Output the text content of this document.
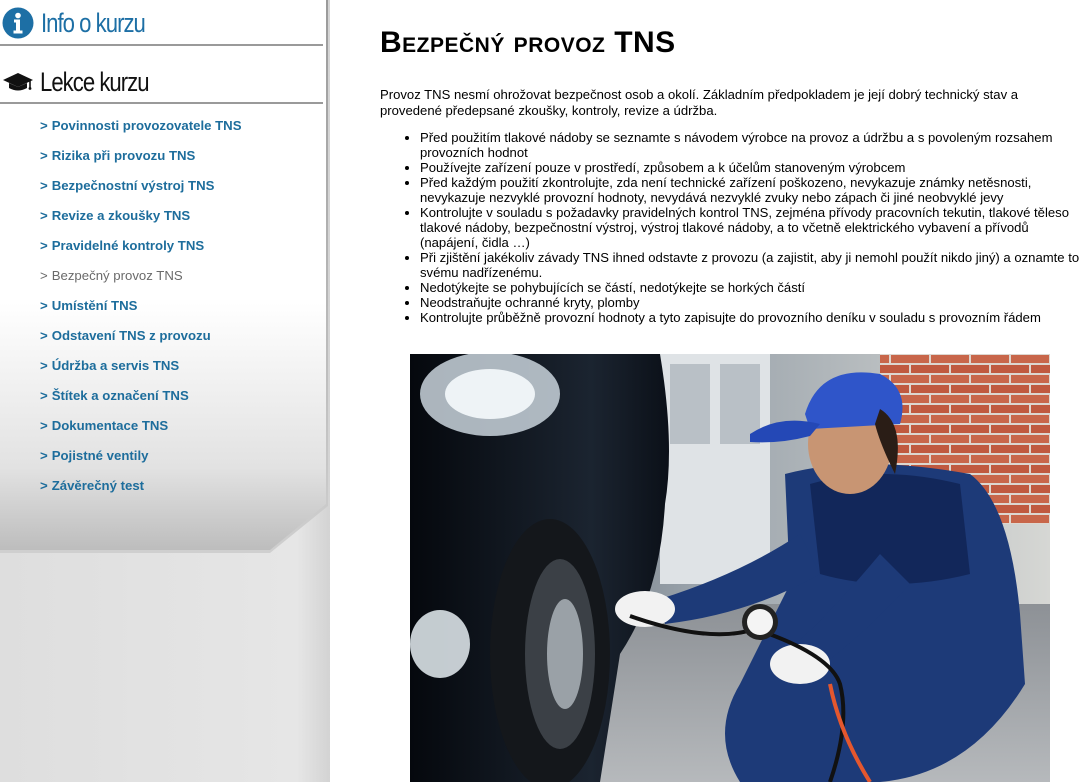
Info o kurzu
Lekce kurzu
> Povinnosti provozovatele TNS
> Rizika při provozu TNS
> Bezpečnostní výstroj TNS
> Revize a zkoušky TNS
> Pravidelné kontroly TNS
> Bezpečný provoz TNS
> Umístění TNS
> Odstavení TNS z provozu
> Údržba a servis TNS
> Štítek a označení TNS
> Dokumentace TNS
> Pojistné ventily
> Závěrečný test
Bezpečný provoz TNS

Provoz TNS nesmí ohrožovat bezpečnost osob a okolí. Základním předpokladem je její dobrý technický stav a provedené předepsané zkoušky, kontroly, revize a údržba.

• Před použitím tlakové nádoby se seznamte s návodem výrobce na provoz a údržbu a s povoleným rozsahem provozních hodnot
• Používejte zařízení pouze v prostředí, způsobem a k účelům stanoveným výrobcem
• Před každým použití zkontrolujte, zda není technické zařízení poškozeno, nevykazuje známky netěsnosti, nevykazuje nezvyklé provozní hodnoty, nevydává nezvyklé zvuky nebo zápach či jiné neobvyklé jevy
• Kontrolujte v souladu s požadavky pravidelných kontrol TNS, zejména přívody pracovních tekutin, tlakové těleso tlakové nádoby, bezpečnostní výstroj, výstroj tlakové nádoby, a to včetně elektrického vybavení a přívodů (napájení, čidla …)
• Při zjištění jakékoliv závady TNS ihned odstavte z provozu (a zajistit, aby ji nemohl použít nikdo jiný) a oznamte to svému nadřízenému.
• Nedotýkejte se pohybujících se částí, nedotýkejte se horkých částí
• Neodstraňujte ochranné kryty, plomby
• Kontrolujte průběžně provozní hodnoty a tyto zapisujte do provozního deníku v souladu s provozním řádem
